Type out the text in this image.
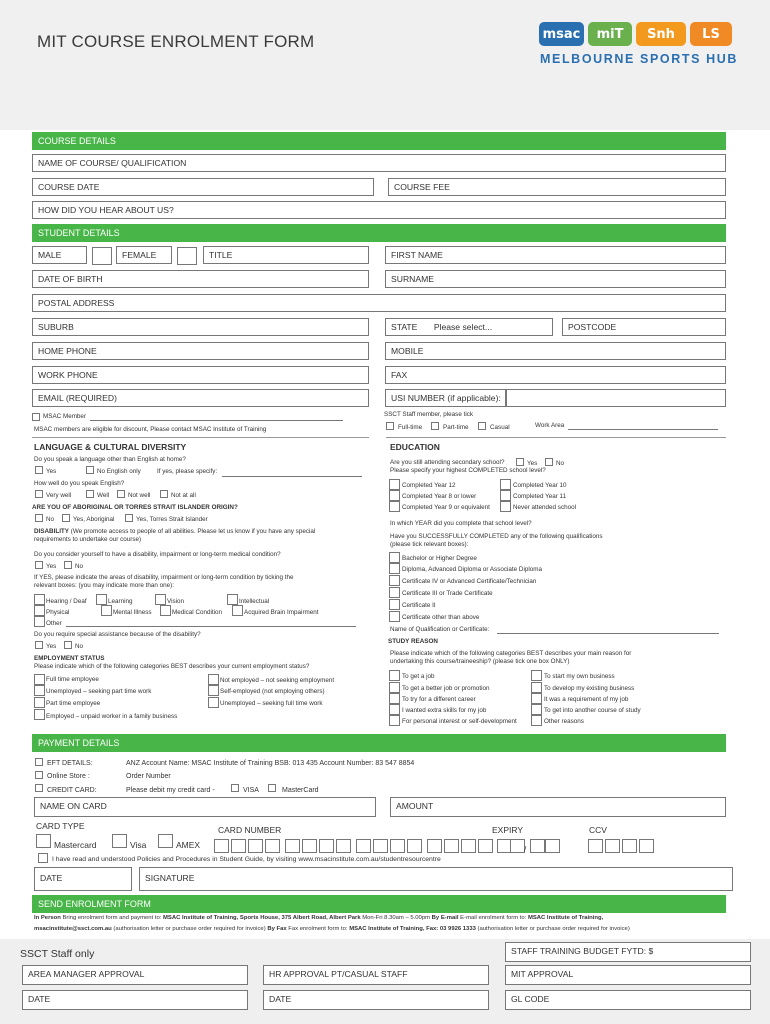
MIT COURSE ENROLMENT FORM	msac	miT	Snh	LS
MELBOURNE SPORTS HUB
COURSE DETAILS
NAME OF COURSE/ QUALIFICATION
COURSE DATE	COURSE FEE
HOW DID YOU HEAR ABOUT US?
STUDENT DETAILS
MALE	FEMALE	TITLE	FIRST NAME
DATE OF BIRTH	SURNAME
POSTAL ADDRESS
SUBURB	STATE Please select...	POSTCODE
HOME PHONE	MOBILE
WORK PHONE	FAX
EMAIL (REQUIRED)	USI NUMBER (if applicable):
MSAC Member
MSAC members are eligible for discount, Please contact MSAC Institute of Training
SSCT Staff member, please tick
Full-time	Part-time	Casual	Work Area
LANGUAGE & CULTURAL DIVERSITY
Do you speak a language other than English at home?
Yes	No English only	If yes, please specify:
How well do you speak English?
Very well	Well	Not well	Not at all
ARE YOU OF ABORIGINAL OR TORRES STRAIT ISLANDER ORIGIN?
No	Yes, Aboriginal	Yes, Torres Strait Islander
DISABILITY (We promote access to people of all abilities. Please let us know if you have any special
requirements to undertake our course)
Do you consider yourself to have a disability, impairment or long-term medical condition?
Yes	No
If YES, please indicate the areas of disability, impairment or long-term condition by ticking the
relevant boxes: (you may indicate more than one):
Hearing / Deaf	Learning	Vision	Intellectual
Physical	Mental Illness	Medical Condition	Acquired Brain Impairment
Other
Do you require special assistance because of the disability?
Yes	No
EMPLOYMENT STATUS
Please indicate which of the following categories BEST describes your current employment status?
Full time employee
Unemployed – seeking part time work
Part time employee
Employed – unpaid worker in a family business
Not employed – not seeking employment
Self-employed (not employing others)
Unemployed – seeking full time work
EDUCATION
Are you still attending secondary school?	Yes	No
Please specify your highest COMPLETED school level?
Completed Year 12	Completed Year 10
Completed Year 8 or lower	Completed Year 11
Completed Year 9 or equivalent	Never attended school
In which YEAR did you complete that school level?
Have you SUCCESSFULLY COMPLETED any of the following qualifications
(please tick relevant boxes):
Bachelor or Higher Degree
Diploma, Advanced Diploma or Associate Diploma
Certificate IV or Advanced Certificate/Technician
Certificate III or Trade Certificate
Certificate II
Certificate other than above
Name of Qualification or Certificate:
STUDY REASON
Please indicate which of the following categories BEST describes your main reason for
undertaking this course/traineeship? (please tick one box ONLY)
To get a job
To get a better job or promotion
To try for a different career
I wanted extra skills for my job
For personal interest or self-development
To start my own business
To develop my existing business
It was a requirement of my job
To get into another course of study
Other reasons
PAYMENT DETAILS
EFT DETAILS:	ANZ Account Name: MSAC Institute of Training BSB: 013 435 Account Number: 83 547 8854
Online Store :	Order Number
CREDIT CARD:	Please debit my credit card -	VISA	MasterCard
NAME ON CARD	AMOUNT
CARD TYPE
Mastercard	Visa	AMEX
CARD NUMBER	EXPIRY	CCV
/
I have read and understood Policies and Procedures in Student Guide, by visiting www.msacinstitute.com.au/studentresourcentre
DATE	SIGNATURE
SEND ENROLMENT FORM
In Person Bring enrolment form and payment to: MSAC Institute of Training, Sports House, 375 Albert Road, Albert Park Mon-Fri 8.30am – 5.00pm By E-mail E-mail enrolment form to: MSAC Institute of Training,
msacinstitute@ssct.com.au (authorisation letter or purchase order required for invoice) By Fax Fax enrolment form to: MSAC Institute of Training, Fax: 03 9926 1333 (authorisation letter or purchase order required for invoice)
SSCT Staff only	STAFF TRAINING BUDGET FYTD: $
AREA MANAGER APPROVAL	HR APPROVAL PT/CASUAL STAFF	MIT APPROVAL
DATE	DATE	GL CODE
